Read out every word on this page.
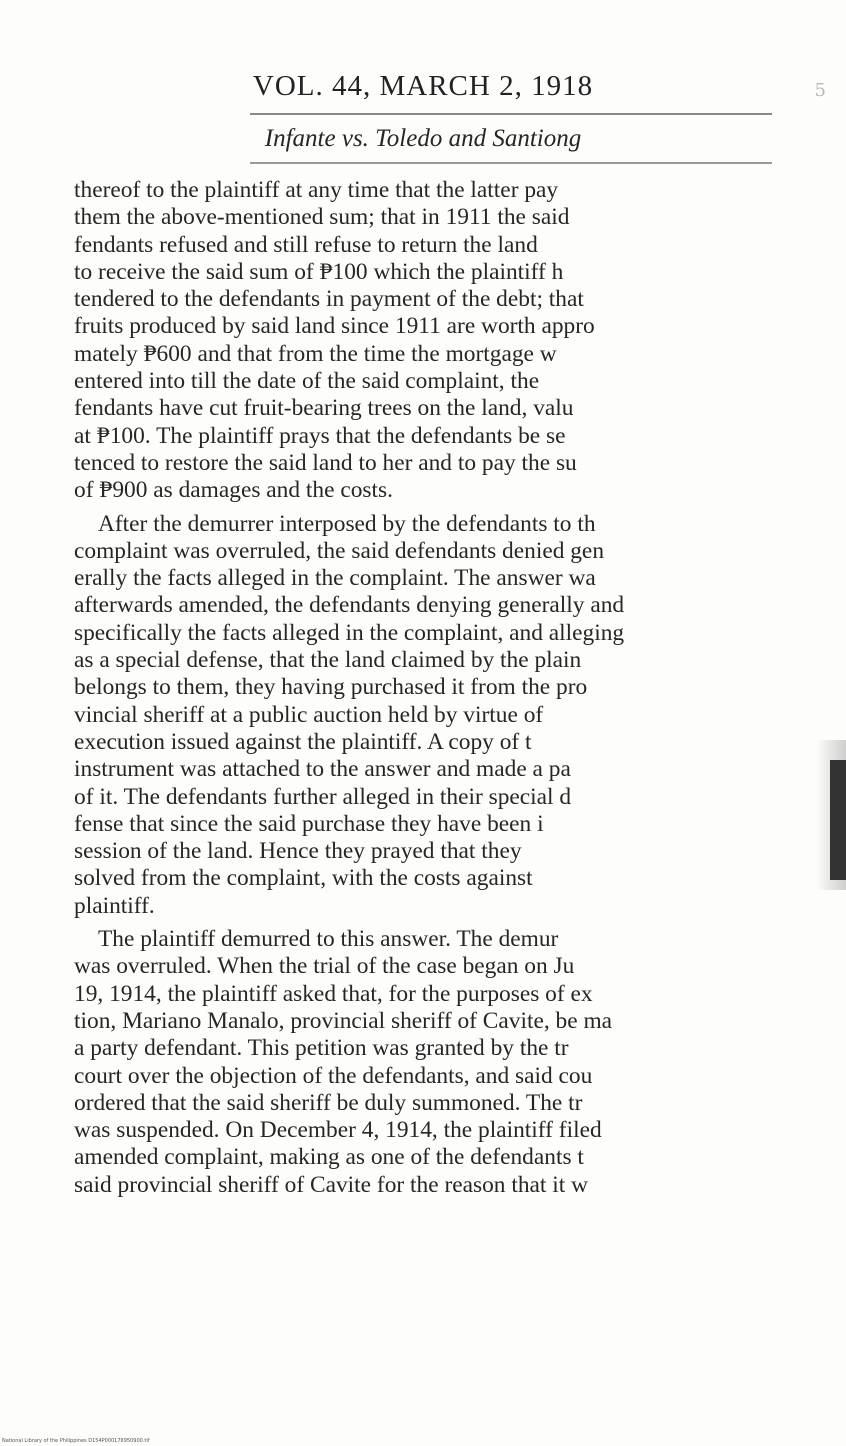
VOL. 44, MARCH 2, 1918	5
Infante vs. Toledo and Santiong
thereof to the plaintiff at any time that the latter pay
them the above-mentioned sum; that in 1911 the said
fendants refused and still refuse to return the land
to receive the said sum of ₱100 which the plaintiff h
tendered to the defendants in payment of the debt; that
fruits produced by said land since 1911 are worth appro
mately ₱600 and that from the time the mortgage w
entered into till the date of the said complaint, the
fendants have cut fruit-bearing trees on the land, valu
at ₱100. The plaintiff prays that the defendants be se
tenced to restore the said land to her and to pay the su
of ₱900 as damages and the costs.
After the demurrer interposed by the defendants to th
complaint was overruled, the said defendants denied gen
erally the facts alleged in the complaint. The answer wa
afterwards amended, the defendants denying generally and
specifically the facts alleged in the complaint, and alleging
as a special defense, that the land claimed by the plain
belongs to them, they having purchased it from the pro
vincial sheriff at a public auction held by virtue of
execution issued against the plaintiff. A copy of t
instrument was attached to the answer and made a pa
of it. The defendants further alleged in their special d
fense that since the said purchase they have been i
session of the land. Hence they prayed that they
solved from the complaint, with the costs against
plaintiff.
The plaintiff demurred to this answer. The demur
was overruled. When the trial of the case began on Ju
19, 1914, the plaintiff asked that, for the purposes of ex
tion, Mariano Manalo, provincial sheriff of Cavite, be ma
a party defendant. This petition was granted by the tr
court over the objection of the defendants, and said cou
ordered that the said sheriff be duly summoned. The tr
was suspended. On December 4, 1914, the plaintiff filed
amended complaint, making as one of the defendants t
said provincial sheriff of Cavite for the reason that it w
National Library of the Philippines D154P000176950900.tif
